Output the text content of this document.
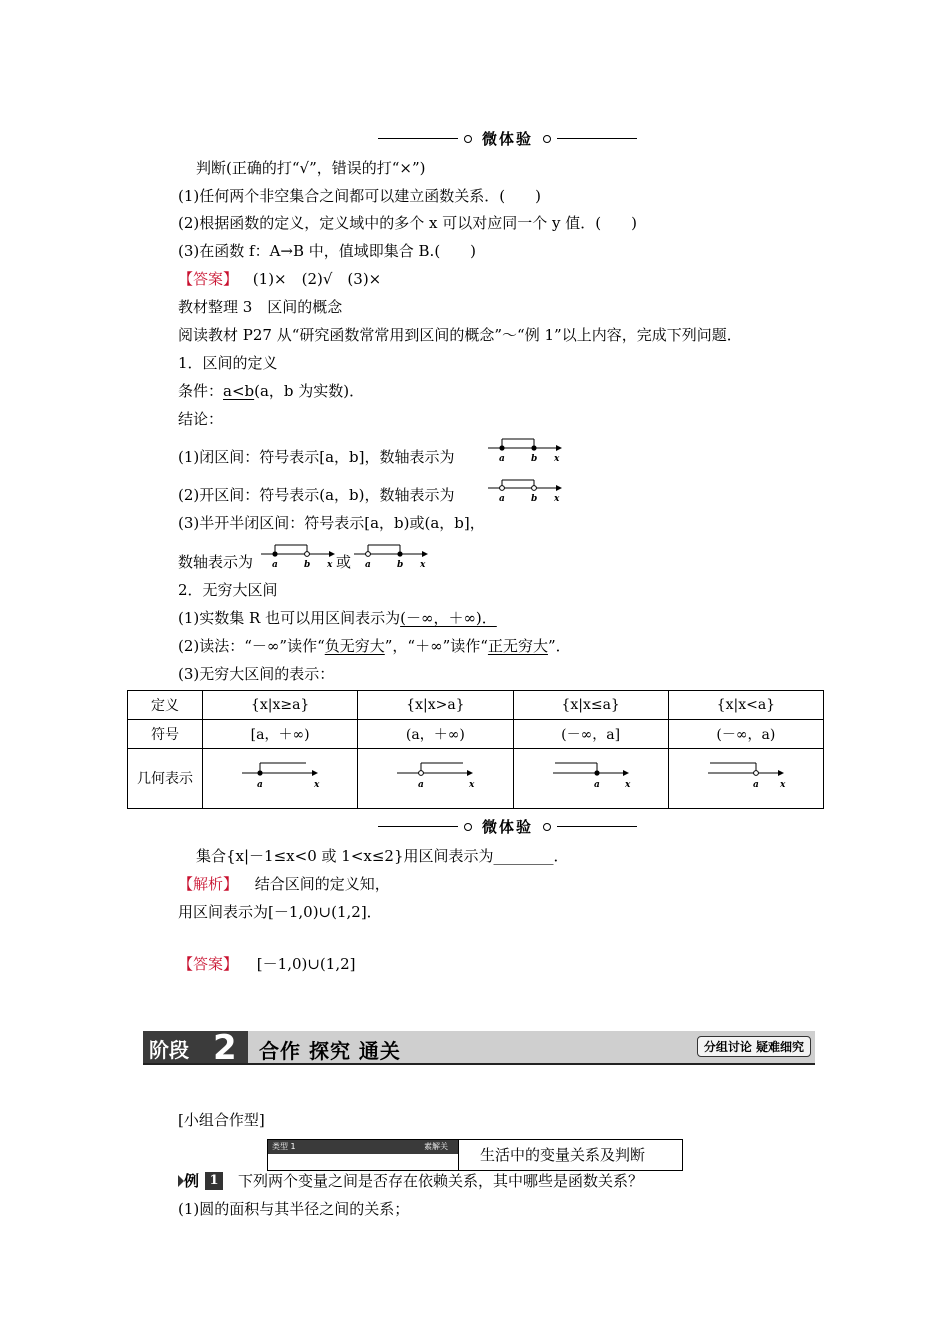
微体验
判断(正确的打“√”，错误的打“×”)
(1)任何两个非空集合之间都可以建立函数关系．(　　)
(2)根据函数的定义，定义域中的多个 x 可以对应同一个 y 值．(　　)
(3)在函数 f：A→B 中，值域即集合 B.(　　)
【答案】 (1)×　(2)√　(3)×
教材整理 3　区间的概念
阅读教材 P27 从“研究函数常常用到区间的概念”～“例 1”以上内容，完成下列问题．
1．区间的定义
条件：a<b(a，b 为实数)．
结论：
(1)闭区间：符号表示[a，b]，数轴表示为	a	b x
(2)开区间：符号表示(a，b)，数轴表示为	a	b x
(3)半开半闭区间：符号表示[a，b)或(a，b]，
数轴表示为 a	b x 或 a	b x
2．无穷大区间
(1)实数集 R 也可以用区间表示为(－∞，＋∞)．
(2)读法：“－∞”读作“负无穷大”，“＋∞”读作“正无穷大”．
(3)无穷大区间的表示：
定义	{x|x≥a}	{x|x>a}	{x|x≤a}	{x|x<a}
符号	[a，＋∞)	(a，＋∞)	(－∞，a]	(－∞，a)
几何表示	a x	a x	a x	a x
微体验
集合{x|－1≤x<0 或 1<x≤2}用区间表示为________．
【解析】 结合区间的定义知，
用区间表示为[－1,0)∪(1,2]．
【答案】 [－1,0)∪(1,2]
阶段 2 合作 探究 通关	分组讨论 疑难细究
[小组合作型]
类型 1	素解关 生活中的变量关系及判断
例 1 下列两个变量之间是否存在依赖关系，其中哪些是函数关系？
(1)圆的面积与其半径之间的关系；
